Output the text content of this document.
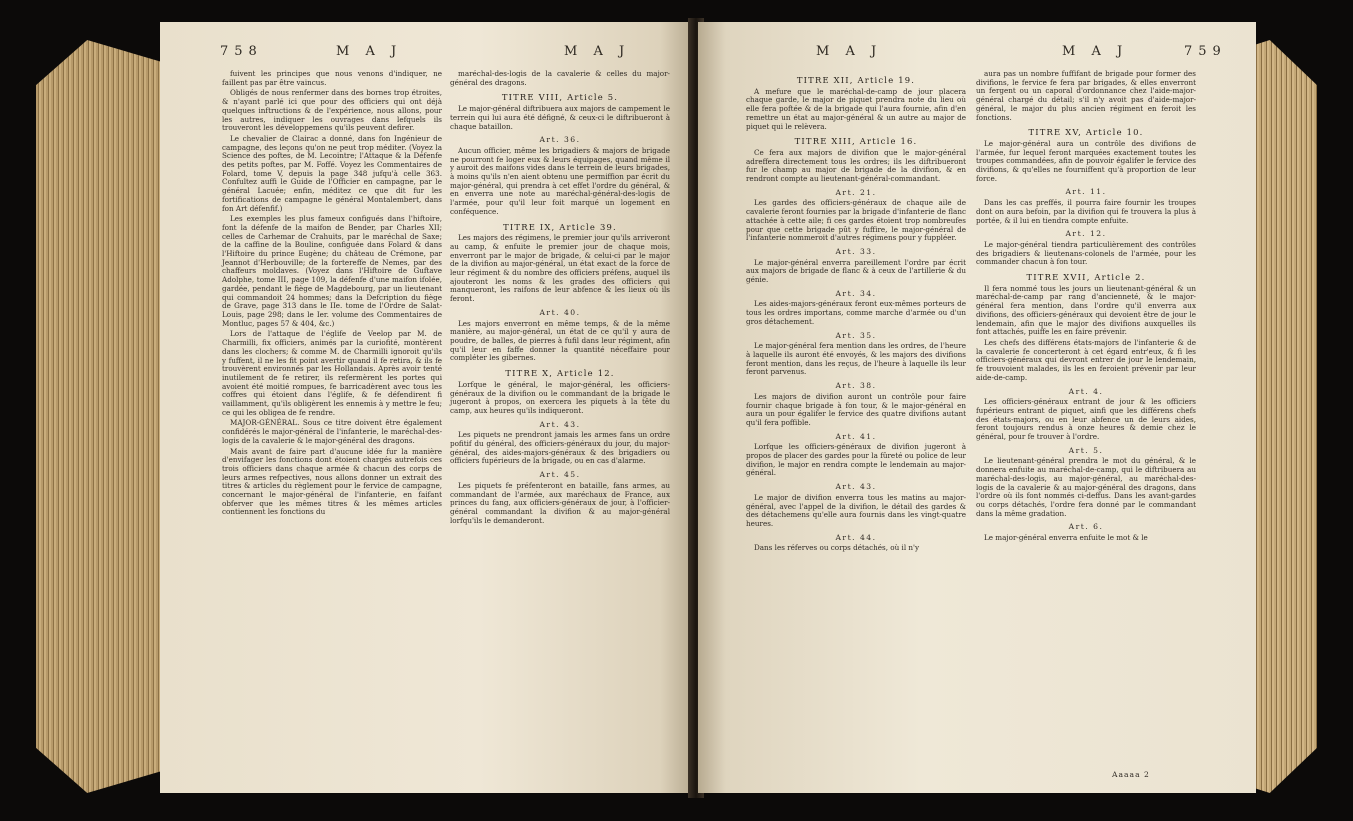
758	M A J	M A J

fuivent les principes que nous venons d'indiquer, ne faillent pas par être vaincus.

Obligés de nous renfermer dans des bornes trop étroites, & n'ayant parlé ici que pour des officiers qui ont déjà quelques inftructions & de l'expérience, nous allons, pour les autres, indiquer les ouvrages dans lefquels ils trouveront les développemens qu'ils peuvent defirer.

Le chevalier de Clairac a donné, dans fon Ingénieur de campagne, des leçons qu'on ne peut trop méditer. (Voyez la Science des poftes, de M. Lecointre; l'Attaque & la Défenfe des petits poftes, par M. Foffé. Voyez les Commentaires de Folard, tome V, depuis la page 348 jufqu'à celle 363. Confultez auffi le Guide de l'Officier en campagne, par le général Lacuée; enfin, méditez ce que dit fur les fortifications de campagne le général Montalembert, dans fon Art défenfif.)

Les exemples les plus fameux configués dans l'hiftoire, font la défenfe de la maifon de Bender, par Charles XII; celles de Carhemar de Crahuits, par le maréchal de Saxe; de la caffine de la Bouline, configuée dans Folard & dans l'Hiftoire du prince Eugène; du château de Crémone, par Jeannot d'Herbouville; de la fortereffe de Nemes, par des chaffeurs moldaves. (Voyez dans l'Hiftoire de Guftave Adolphe, tome III, page 109, la défenfe d'une maifon ifolée, gardée, pendant le fiège de Magdebourg, par un lieutenant qui commandoit 24 hommes; dans la Defcription du fiège de Grave, page 313 dans le IIe. tome de l'Ordre de Salat-Louis, page 298; dans le Ier. volume des Commentaires de Montluc, pages 57 & 404, &c.)

Lors de l'attaque de l'églife de Veelop par M. de Charmilli, fix officiers, animés par la curiofité, montèrent dans les clochers; & comme M. de Charmilli ignoroit qu'ils y fuffent, il ne les fit point avertir quand il fe retira, & ils fe trouvèrent environnés par les Hollandais. Après avoir tenté inutilement de fe retirer, ils refermèrent les portes qui avoient été moitié rompues, fe barricadèrent avec tous les coffres qui étoient dans l'églife, & fe défendirent fi vaillamment, qu'ils obligèrent les ennemis à y mettre le feu; ce qui les obligea de fe rendre.

MAJOR-GÉNÉRAL. Sous ce titre doivent être également confidérés le major-général de l'infanterie, le maréchal-des-logis de la cavalerie & le major-général des dragons.

Mais avant de faire part d'aucune idée fur la manière d'envifager les fonctions dont étoient chargés autrefois ces trois officiers dans chaque armée & chacun des corps de leurs armes refpectives, nous allons donner un extrait des titres & articles du règlement pour le fervice de campagne, concernant le major-général de l'infanterie, en faifant obferver que les mêmes titres & les mêmes articles contiennent les fonctions du

maréchal-des-logis de la cavalerie & celles du major-général des dragons.

TITRE VIII, Article 5.

Le major-général diftribuera aux majors de campement le terrein qui lui aura été défigné, & ceux-ci le diftribueront à chaque bataillon.

Art. 36.

Aucun officier, même les brigadiers & majors de brigade ne pourront fe loger eux & leurs équipages, quand même il y auroit des maifons vides dans le terrein de leurs brigades, à moins qu'ils n'en aient obtenu une permiffion par écrit du major-général, qui prendra à cet effet l'ordre du général, & en enverra une note au maréchal-général-des-logis de l'armée, pour qu'il leur foit marqué un logement en conféquence.

TITRE IX, Article 39.

Les majors des régimens, le premier jour qu'ils arriveront au camp, & enfuite le premier jour de chaque mois, enverront par le major de brigade, & celui-ci par le major de la divifion au major-général, un état exact de la force de leur régiment & du nombre des officiers préfens, auquel ils ajouteront les noms & les grades des officiers qui manqueront, les raifons de leur abfence & les lieux où ils feront.

Art. 40.

Les majors enverront en même temps, & de la même manière, au major-général, un état de ce qu'il y aura de poudre, de balles, de pierres à fufil dans leur régiment, afin qu'il leur en faffe donner la quantité néceffaire pour compléter les gibernes.

TITRE X, Article 12.

Lorfque le général, le major-général, les officiers-généraux de la divifion ou le commandant de la brigade le jugeront à propos, on exercera les piquets à la tête du camp, aux heures qu'ils indiqueront.

Art. 43.

Les piquets ne prendront jamais les armes fans un ordre pofitif du général, des officiers-généraux du jour, du major-général, des aides-majors-généraux & des brigadiers ou officiers fupérieurs de la brigade, ou en cas d'alarme.

Art. 45.

Les piquets fe préfenteront en bataille, fans armes, au commandant de l'armée, aux maréchaux de France, aux princes du fang, aux officiers-généraux de jour, à l'officier-général commandant la divifion & au major-général lorfqu'ils le demanderont.

M A J	M A J	759

TITRE XII, Article 19.

A mefure que le maréchal-de-camp de jour placera chaque garde, le major de piquet prendra note du lieu où elle fera poftée & de la brigade qui l'aura fournie, afin d'en remettre un état au major-général & un autre au major de piquet qui le relèvera.

TITRE XIII, Article 16.

Ce fera aux majors de divifion que le major-général adreffera directement tous les ordres; ils les diftribueront fur le champ au major de brigade de la divifion, & en rendront compte au lieutenant-général-commandant.

Art. 21.

Les gardes des officiers-généraux de chaque aile de cavalerie feront fournies par la brigade d'infanterie de flanc attachée à cette aile; fi ces gardes étoient trop nombreufes pour que cette brigade pût y fuffire, le major-général de l'infanterie nommeroit d'autres régimens pour y fuppléer.

Art. 33.

Le major-général enverra pareillement l'ordre par écrit aux majors de brigade de flanc & à ceux de l'artillerie & du génie.

Art. 34.

Les aides-majors-généraux feront eux-mêmes porteurs de tous les ordres importans, comme marche d'armée ou d'un gros détachement.

Art. 35.

Le major-général fera mention dans les ordres, de l'heure à laquelle ils auront été envoyés, & les majors des divifions feront mention, dans les reçus, de l'heure à laquelle ils leur feront parvenus.

Art. 38.

Les majors de divifion auront un contrôle pour faire fournir chaque brigade à fon tour, & le major-général en aura un pour égalifer le fervice des quatre divifions autant qu'il fera poffible.

Art. 41.

Lorfque les officiers-généraux de divifion jugeront à propos de placer des gardes pour la fûreté ou police de leur divifion, le major en rendra compte le lendemain au major-général.

Art. 43.

Le major de divifion enverra tous les matins au major-général, avec l'appel de la divifion, le détail des gardes & des détachemens qu'elle aura fournis dans les vingt-quatre heures.

Art. 44.

Dans les réferves ou corps détachés, où il n'y

aura pas un nombre fuffifant de brigade pour former des divifions, le fervice fe fera par brigades, & elles enverront un fergent ou un caporal d'ordonnance chez l'aide-major-général chargé du détail; s'il n'y avoit pas d'aide-major-général, le major du plus ancien régiment en feroit les fonctions.

TITRE XV, Article 10.

Le major-général aura un contrôle des divifions de l'armée, fur lequel feront marquées exactement toutes les troupes commandées, afin de pouvoir égalifer le fervice des divifions, & qu'elles ne fourniffent qu'à proportion de leur force.

Art. 11.

Dans les cas preffés, il pourra faire fournir les troupes dont on aura befoin, par la divifion qui fe trouvera la plus à portée, & il lui en tiendra compte enfuite.

Art. 12.

Le major-général tiendra particulièrement des contrôles des brigadiers & lieutenans-colonels de l'armée, pour les commander chacun à fon tour.

TITRE XVII, Article 2.

Il fera nommé tous les jours un lieutenant-général & un maréchal-de-camp par rang d'ancienneté, & le major-général fera mention, dans l'ordre qu'il enverra aux divifions, des officiers-généraux qui devoient être de jour le lendemain, afin que le major des divifions auxquelles ils font attachés, puiffe les en faire prévenir.

Les chefs des différens états-majors de l'infanterie & de la cavalerie fe concerteront à cet égard entr'eux, & fi les officiers-généraux qui devront entrer de jour le lendemain, fe trouvoient malades, ils les en feroient prévenir par leur aide-de-camp.

Art. 4.

Les officiers-généraux entrant de jour & les officiers fupérieurs entrant de piquet, ainfi que les différens chefs des états-majors, ou en leur abfence un de leurs aides, feront toujours rendus à onze heures & demie chez le général, pour fe trouver à l'ordre.

Art. 5.

Le lieutenant-général prendra le mot du général, & le donnera enfuite au maréchal-de-camp, qui le diftribuera au maréchal-des-logis, au major-général, au maréchal-des-logis de la cavalerie & au major-général des dragons, dans l'ordre où ils font nommés ci-deffus. Dans les avant-gardes ou corps détachés, l'ordre fera donné par le commandant dans la même gradation.

Art. 6.

Le major-général enverra enfuite le mot & le

Aaaaa 2
